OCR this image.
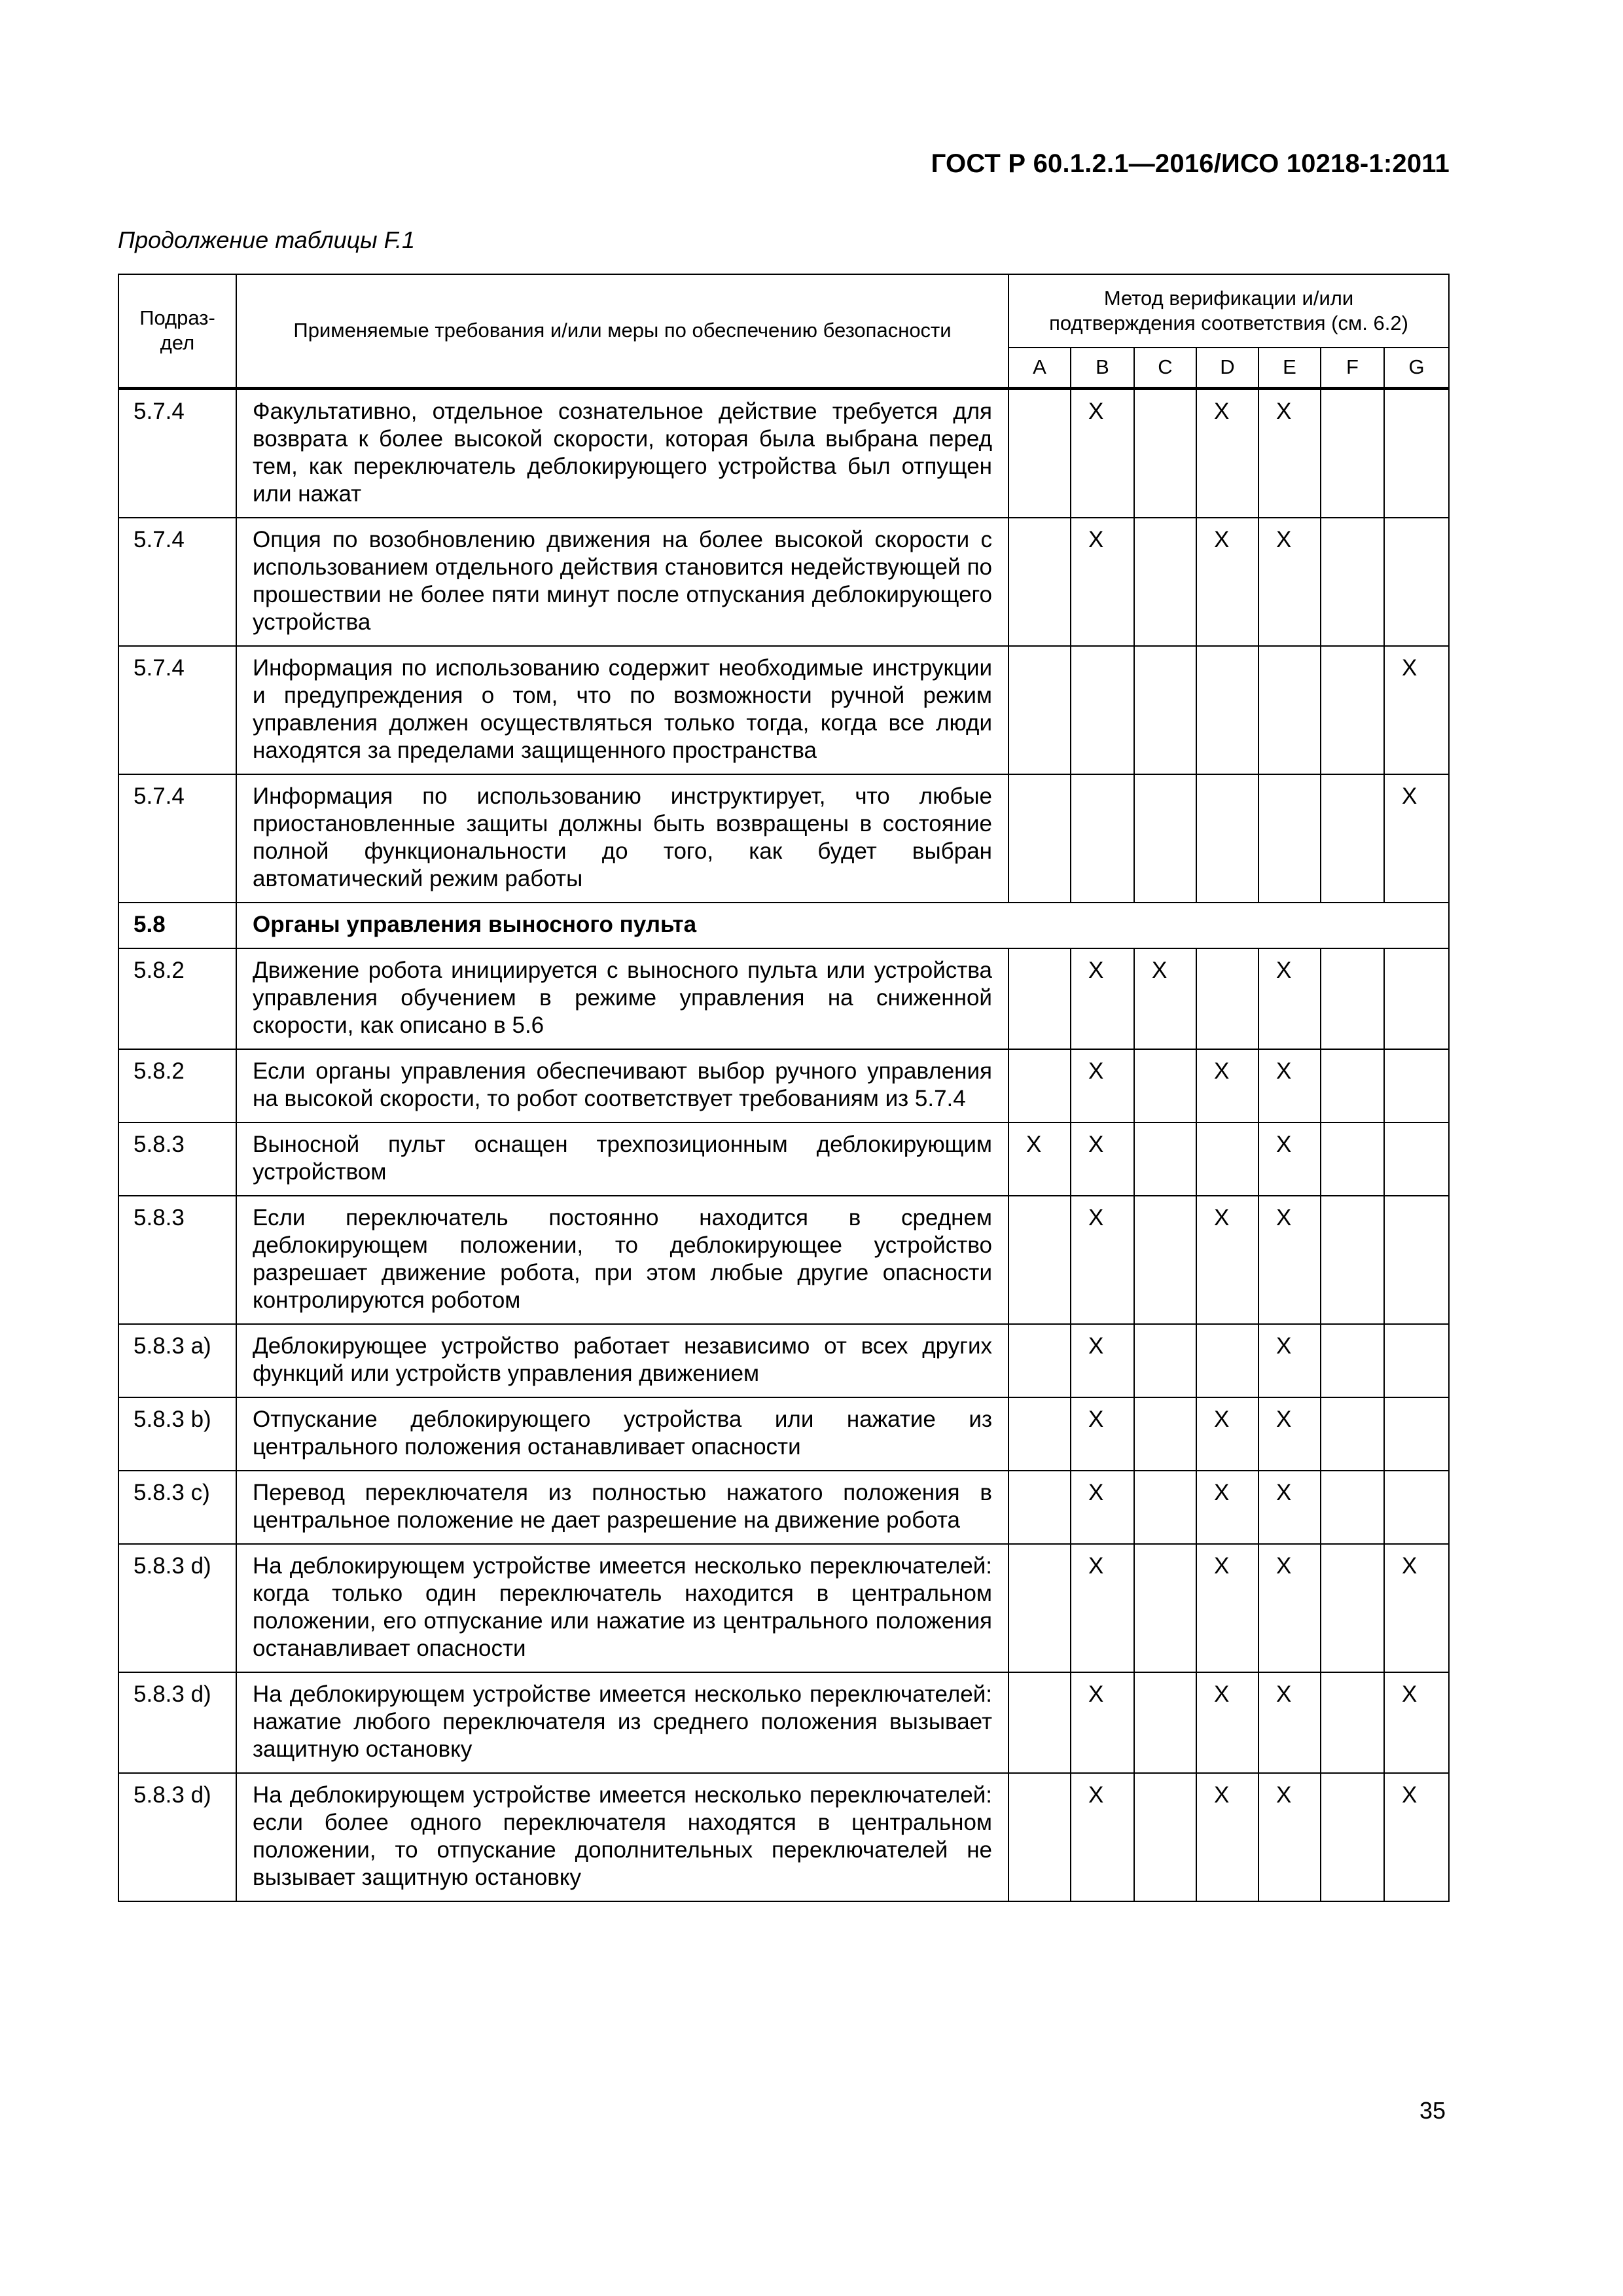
ГОСТ Р 60.1.2.1—2016/ИСО 10218-1:2011
Продолжение таблицы F.1
Подраз-
дел	Применяемые требования и/или меры по обеспечению безопасности	Метод верификации и/или
подтверждения соответствия (см. 6.2)						
		A	B	C	D	E	F	G
5.7.4	Факультативно, отдельное сознательное действие требуется для возврата к более высокой скорости, которая была выбрана перед тем, как переключатель деблокирующего устройства был отпущен или нажат		X		X	X		
5.7.4	Опция по возобновлению движения на более высокой скорости с использованием отдельного действия становится недействующей по прошествии не более пяти минут после отпускания деблокирующего устройства		X		X	X		
5.7.4	Информация по использованию содержит необходимые инструкции и предупреждения о том, что по возможности ручной режим управления должен осуществляться только тогда, когда все люди находятся за пределами защищенного пространства							X
5.7.4	Информация по использованию инструктирует, что любые приостановленные защиты должны быть возвращены в состояние полной функциональности до того, как будет выбран автоматический режим работы							X
5.8	Органы управления выносного пульта							
5.8.2	Движение робота инициируется с выносного пульта или устройства управления обучением в режиме управления на сниженной скорости, как описано в 5.6		X	X		X		
5.8.2	Если органы управления обеспечивают выбор ручного управления на высокой скорости, то робот соответствует требованиям из 5.7.4		X		X	X		
5.8.3	Выносной пульт оснащен трехпозиционным деблокирующим устройством	X	X			X		
5.8.3	Если переключатель постоянно находится в среднем деблокирующем положении, то деблокирующее устройство разрешает движение робота, при этом любые другие опасности контролируются роботом		X		X	X		
5.8.3 a)	Деблокирующее устройство работает независимо от всех других функций или устройств управления движением		X			X		
5.8.3 b)	Отпускание деблокирующего устройства или нажатие из центрального положения останавливает опасности		X		X	X		
5.8.3 c)	Перевод переключателя из полностью нажатого положения в центральное положение не дает разрешение на движение робота		X		X	X		
5.8.3 d)	На деблокирующем устройстве имеется несколько переключателей: когда только один переключатель находится в центральном положении, его отпускание или нажатие из центрального положения останавливает опасности		X		X	X		X
5.8.3 d)	На деблокирующем устройстве имеется несколько переключателей: нажатие любого переключателя из среднего положения вызывает защитную остановку		X		X	X		X
5.8.3 d)	На деблокирующем устройстве имеется несколько переключателей: если более одного переключателя находятся в центральном положении, то отпускание дополнительных переключателей не вызывает защитную остановку		X		X	X		X
35
